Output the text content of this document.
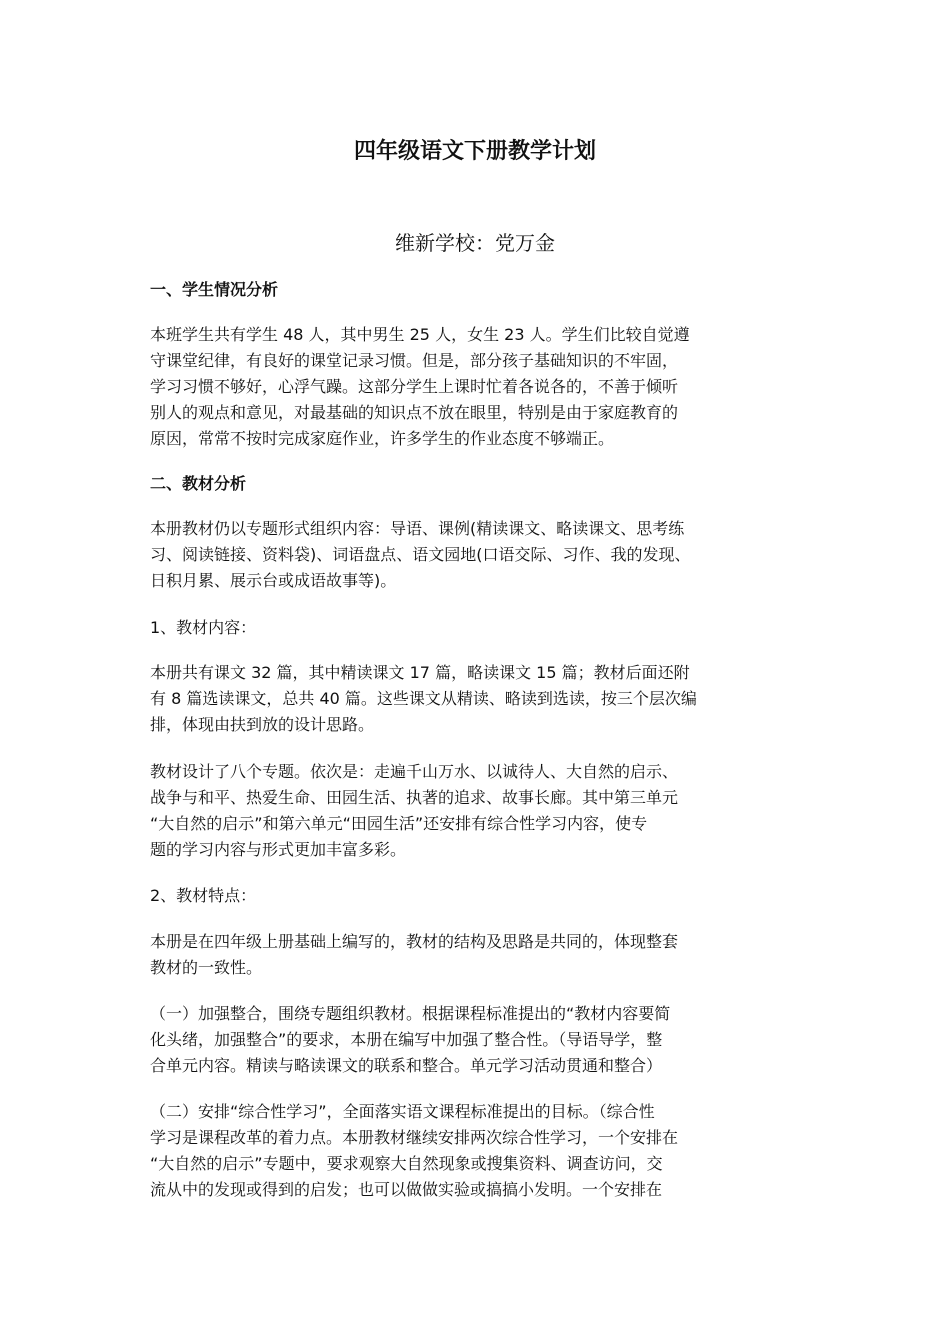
四年级语文下册教学计划

维新学校：党万金

一、学生情况分析

本班学生共有学生 48 人，其中男生 25 人，女生 23 人。学生们比较自觉遵
守课堂纪律，有良好的课堂记录习惯。但是，部分孩子基础知识的不牢固，
学习习惯不够好，心浮气躁。这部分学生上课时忙着各说各的，不善于倾听
别人的观点和意见，对最基础的知识点不放在眼里，特别是由于家庭教育的
原因，常常不按时完成家庭作业，许多学生的作业态度不够端正。

二、教材分析

本册教材仍以专题形式组织内容：导语、课例(精读课文、略读课文、思考练
习、阅读链接、资料袋)、词语盘点、语文园地(口语交际、习作、我的发现、
日积月累、展示台或成语故事等)。

1、教材内容：

本册共有课文 32 篇，其中精读课文 17 篇，略读课文 15 篇；教材后面还附
有 8 篇选读课文，总共 40 篇。这些课文从精读、略读到选读，按三个层次编
排，体现由扶到放的设计思路。

教材设计了八个专题。依次是：走遍千山万水、以诚待人、大自然的启示、
战争与和平、热爱生命、田园生活、执著的追求、故事长廊。其中第三单元
“大自然的启示”和第六单元“田园生活”还安排有综合性学习内容，使专
题的学习内容与形式更加丰富多彩。

2、教材特点：

本册是在四年级上册基础上编写的，教材的结构及思路是共同的，体现整套
教材的一致性。

（一）加强整合，围绕专题组织教材。根据课程标准提出的“教材内容要简
化头绪，加强整合”的要求，本册在编写中加强了整合性。（导语导学，整
合单元内容。精读与略读课文的联系和整合。单元学习活动贯通和整合）

（二）安排“综合性学习”，全面落实语文课程标准提出的目标。（综合性
学习是课程改革的着力点。本册教材继续安排两次综合性学习，一个安排在
“大自然的启示”专题中，要求观察大自然现象或搜集资料、调查访问，交
流从中的发现或得到的启发；也可以做做实验或搞搞小发明。一个安排在
